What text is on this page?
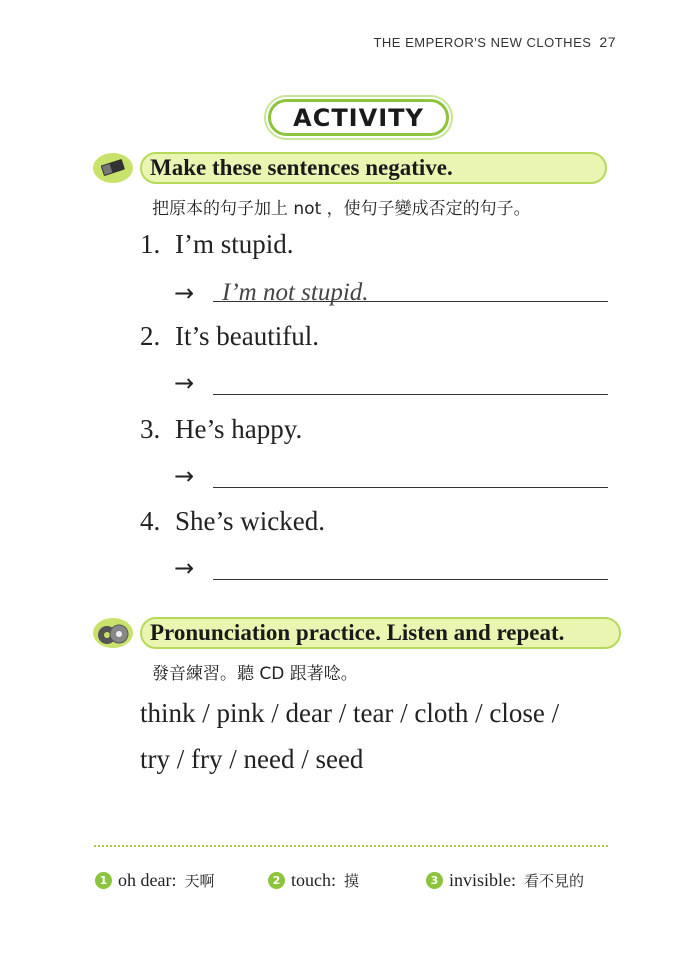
THE EMPEROR'S NEW CLOTHES 27
ACTIVITY
Make these sentences negative.
把原本的句子加上 not ，使句子變成否定的句子。
1. I’m stupid.
→ I’m not stupid.
2. It’s beautiful.
→
3. He’s happy.
→
4. She’s wicked.
→
Pronunciation practice. Listen and repeat.
發音練習。聽 CD 跟著唸。
think / pink / dear / tear / cloth / close /
try / fry / need / seed
1 oh dear: 天啊	2 touch: 摸	3 invisible: 看不見的
